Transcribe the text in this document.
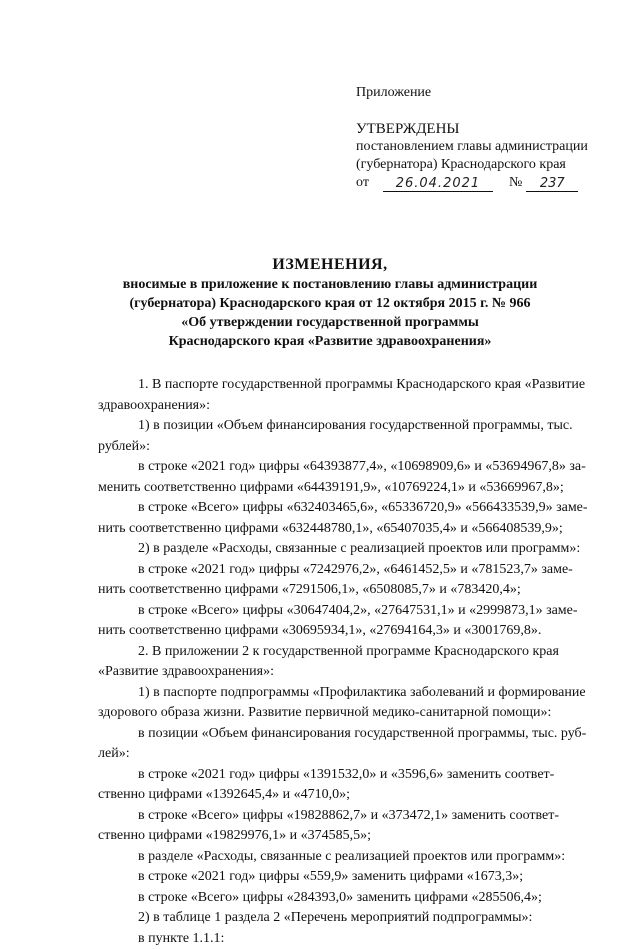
Приложение
УТВЕРЖДЕНЫ
постановлением главы администрации
(губернатора) Краснодарского края
от	26.04.2021	№	237
ИЗМЕНЕНИЯ,
вносимые в приложение к постановлению главы администрации
(губернатора) Краснодарского края от 12 октября 2015 г. № 966
«Об утверждении государственной программы
Краснодарского края «Развитие здравоохранения»

1. В паспорте государственной программы Краснодарского края «Развитие

здравоохранения»:

1) в позиции «Объем финансирования государственной программы, тыс.

рублей»:

в строке «2021 год» цифры «64393877,4», «10698909,6» и «53694967,8» за-

менить соответственно цифрами «64439191,9», «10769224,1» и «53669967,8»;

в строке «Всего» цифры «632403465,6», «65336720,9» «566433539,9» заме-

нить соответственно цифрами «632448780,1», «65407035,4» и «566408539,9»;

2) в разделе «Расходы, связанные с реализацией проектов или программ»:

в строке «2021 год» цифры «7242976,2», «6461452,5» и «781523,7» заме-

нить соответственно цифрами «7291506,1», «6508085,7» и «783420,4»;

в строке «Всего» цифры «30647404,2», «27647531,1» и «2999873,1» заме-

нить соответственно цифрами «30695934,1», «27694164,3» и «3001769,8».

2. В приложении 2 к государственной программе Краснодарского края

«Развитие здравоохранения»:

1) в паспорте подпрограммы «Профилактика заболеваний и формирование

здорового образа жизни. Развитие первичной медико-санитарной помощи»:

в позиции «Объем финансирования государственной программы, тыс. руб-

лей»:

в строке «2021 год» цифры «1391532,0» и «3596,6» заменить соответ-

ственно цифрами «1392645,4» и «4710,0»;

в строке «Всего» цифры «19828862,7» и «373472,1» заменить соответ-

ственно цифрами «19829976,1» и «374585,5»;

в разделе «Расходы, связанные с реализацией проектов или программ»:

в строке «2021 год» цифры «559,9» заменить цифрами «1673,3»;

в строке «Всего» цифры «284393,0» заменить цифрами «285506,4»;

2) в таблице 1 раздела 2 «Перечень мероприятий подпрограммы»:

в пункте 1.1.1:
